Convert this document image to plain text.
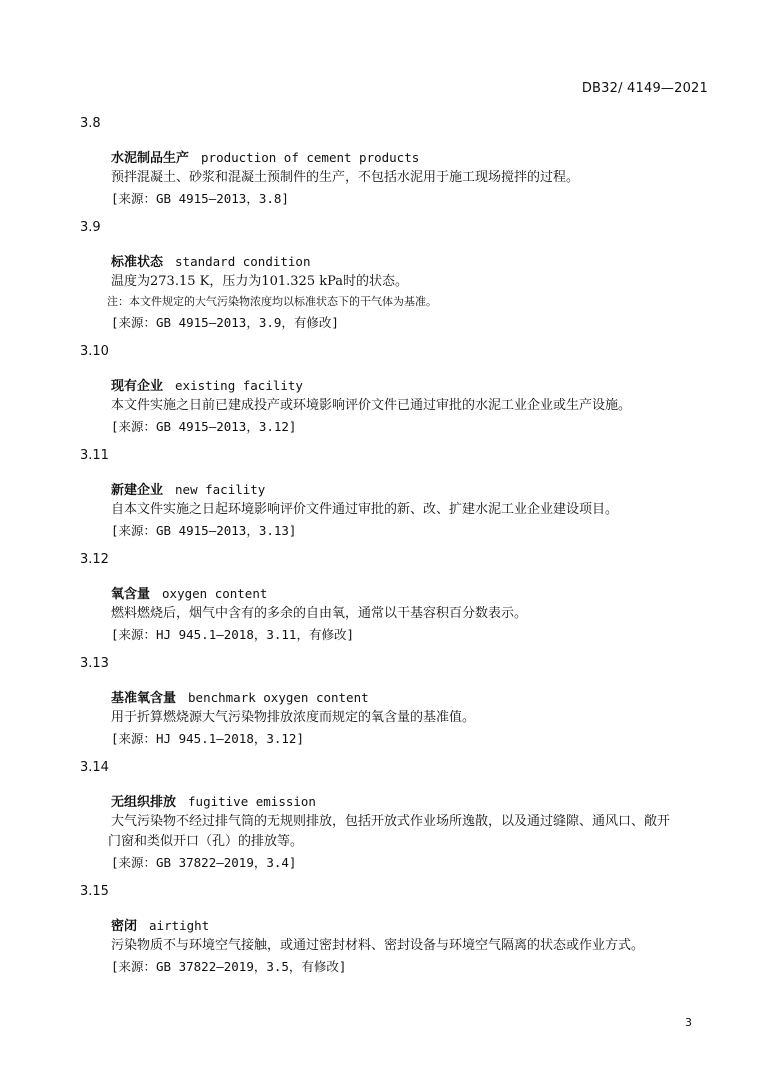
DB32/ 4149—2021
3.8
水泥制品生产 production of cement products
预拌混凝土、砂浆和混凝土预制件的生产，不包括水泥用于施工现场搅拌的过程。
[来源：GB 4915—2013，3.8]
3.9
标准状态 standard condition
温度为273.15 K，压力为101.325 kPa时的状态。
注：本文件规定的大气污染物浓度均以标准状态下的干气体为基准。
[来源：GB 4915—2013，3.9，有修改]
3.10
现有企业 existing facility
本文件实施之日前已建成投产或环境影响评价文件已通过审批的水泥工业企业或生产设施。
[来源：GB 4915—2013，3.12]
3.11
新建企业 new facility
自本文件实施之日起环境影响评价文件通过审批的新、改、扩建水泥工业企业建设项目。
[来源：GB 4915—2013，3.13]
3.12
氧含量 oxygen content
燃料燃烧后，烟气中含有的多余的自由氧，通常以干基容积百分数表示。
[来源：HJ 945.1—2018，3.11，有修改]
3.13
基准氧含量 benchmark oxygen content
用于折算燃烧源大气污染物排放浓度而规定的氧含量的基准值。
[来源：HJ 945.1—2018，3.12]
3.14
无组织排放 fugitive emission
大气污染物不经过排气筒的无规则排放，包括开放式作业场所逸散，以及通过缝隙、通风口、敞开
门窗和类似开口（孔）的排放等。
[来源：GB 37822—2019，3.4]
3.15
密闭 airtight
污染物质不与环境空气接触，或通过密封材料、密封设备与环境空气隔离的状态或作业方式。
[来源：GB 37822—2019，3.5，有修改]
3
